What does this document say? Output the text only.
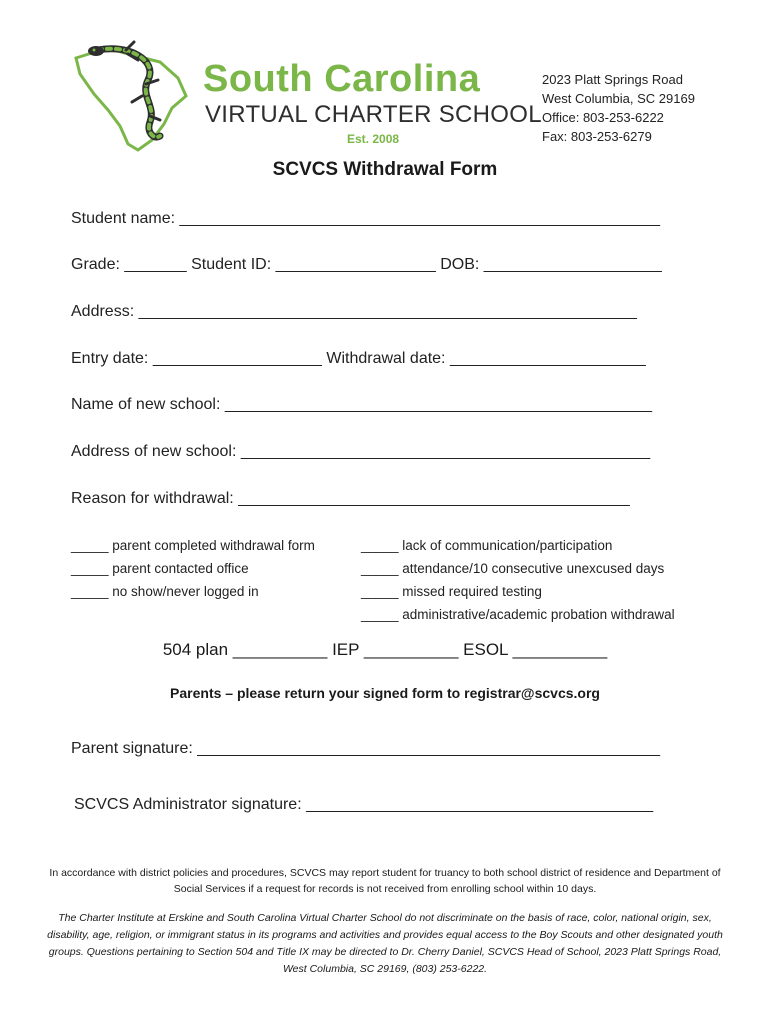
South Carolina
VIRTUAL CHARTER SCHOOL
Est. 2008
2023 Platt Springs Road
West Columbia, SC 29169
Office: 803-253-6222
Fax: 803-253-6279
SCVCS Withdrawal Form
Student name: ______________________________________________________
Grade: _______ Student ID: __________________ DOB: ____________________
Address: ________________________________________________________
Entry date: ___________________ Withdrawal date: ______________________
Name of new school: ________________________________________________
Address of new school: ______________________________________________
Reason for withdrawal: ____________________________________________
_____ parent completed withdrawal form
_____ parent contacted office
_____ no show/never logged in
_____ lack of communication/participation
_____ attendance/10 consecutive unexcused days
_____ missed required testing
_____ administrative/academic probation withdrawal
504 plan __________ IEP __________ ESOL __________
Parents – please return your signed form to registrar@scvcs.org
Parent signature: ____________________________________________________
SCVCS Administrator signature: _______________________________________
In accordance with district policies and procedures, SCVCS may report student for truancy to both school district of residence and Department of Social Services if a request for records is not received from enrolling school within 10 days.
The Charter Institute at Erskine and South Carolina Virtual Charter School do not discriminate on the basis of race, color, national origin, sex, disability, age, religion, or immigrant status in its programs and activities and provides equal access to the Boy Scouts and other designated youth groups. Questions pertaining to Section 504 and Title IX may be directed to Dr. Cherry Daniel, SCVCS Head of School, 2023 Platt Springs Road, West Columbia, SC 29169, (803) 253-6222.
